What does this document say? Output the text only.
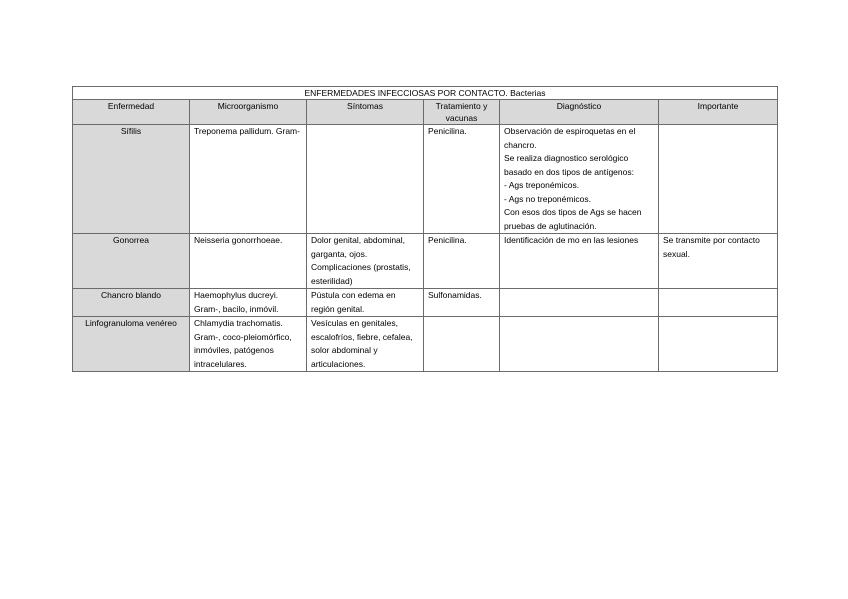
ENFERMEDADES INFECCIOSAS POR CONTACTO. Bacterias					
Enfermedad	Microorganismo	Síntomas	Tratamiento y vacunas	Diagnóstico	Importante
Sífilis	Treponema pallidum. Gram-		Penicilina.	Observación de espiroquetas en el chancro.
Se realiza diagnostico serológico basado en dos tipos de antígenos:
- Ags treponémicos.
- Ags no treponémicos.
Con esos dos tipos de Ags se hacen pruebas de aglutinación.	
Gonorrea	Neisseria gonorrhoeae.	Dolor genital, abdominal, garganta, ojos. Complicaciones (prostatis, esterilidad)	Penicilina.	Identificación de mo en las lesiones	Se transmite por contacto sexual.
Chancro blando	Haemophylus ducreyi. Gram-, bacilo, inmóvil.	Pústula con edema en región genital.	Sulfonamidas.		
Linfogranuloma venéreo	Chlamydia trachomatis. Gram-, coco-pleiomórfico, inmóviles, patógenos intracelulares.	Vesículas en genitales, escalofríos, fiebre, cefalea, solor abdominal y articulaciones.			
